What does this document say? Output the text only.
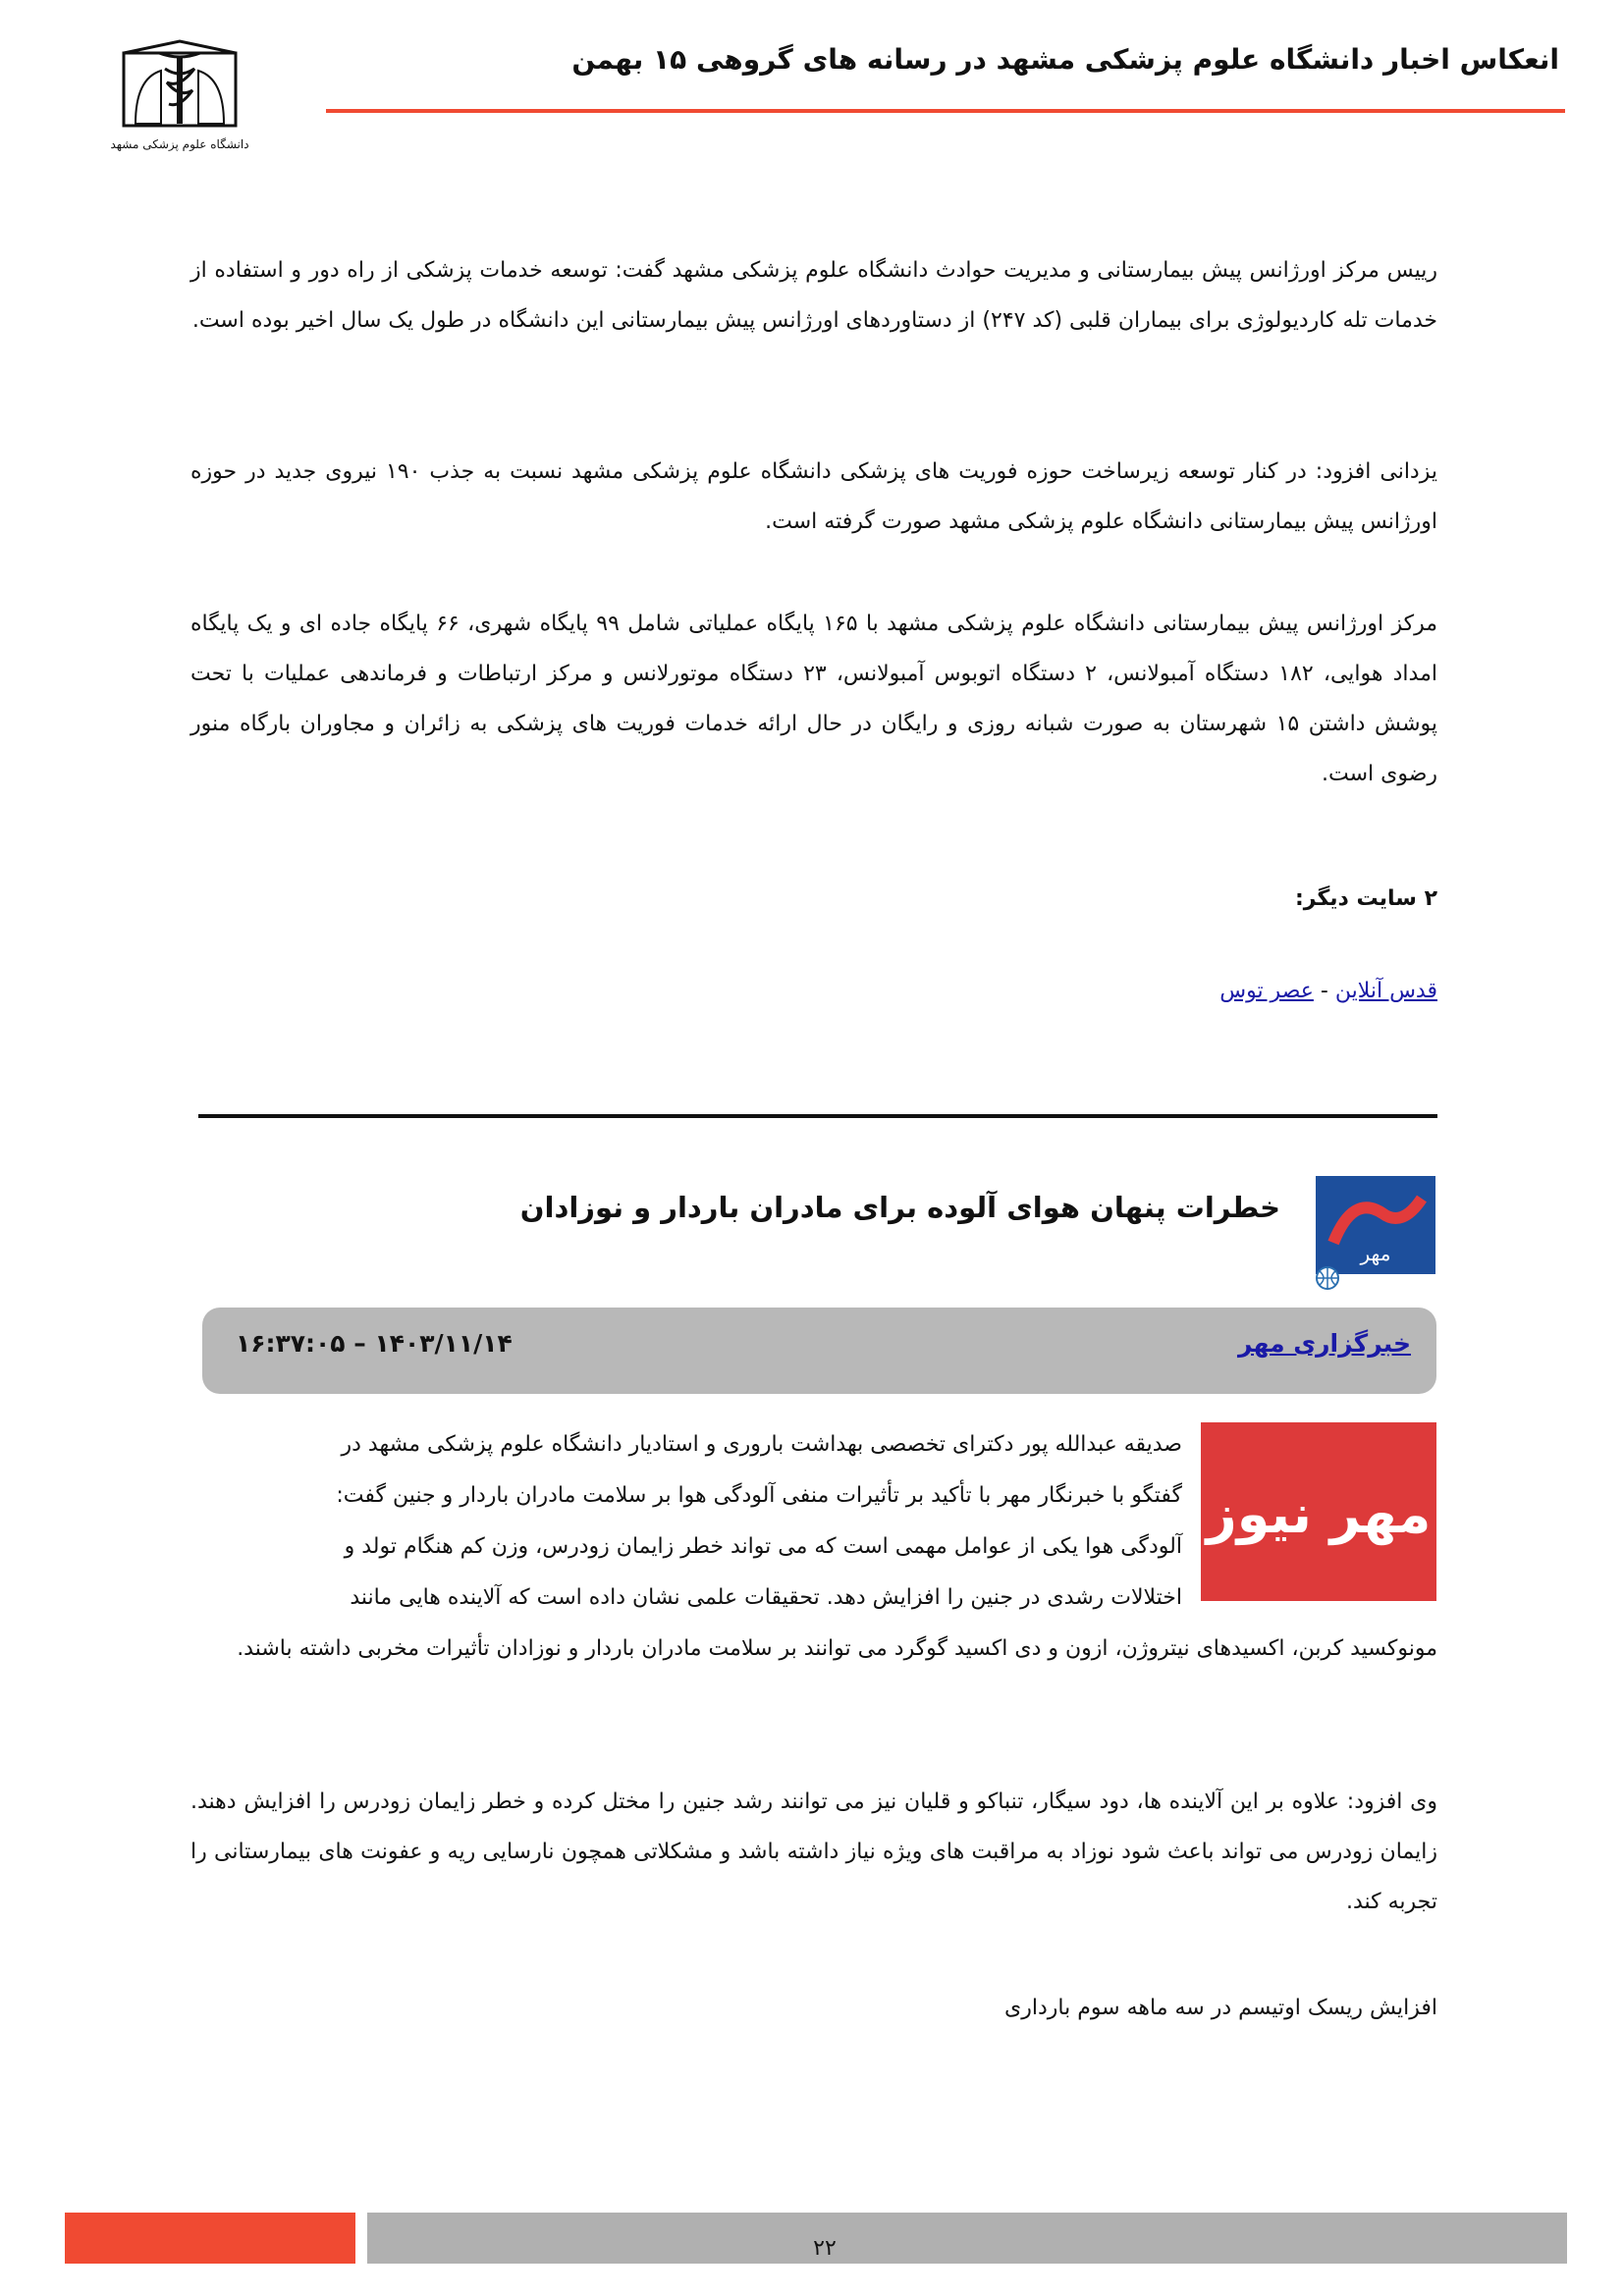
دانشگاه علوم پزشکی مشهد
انعکاس اخبار دانشگاه علوم پزشکی مشهد در رسانه های گروهی ۱۵ بهمن
رییس مرکز اورژانس پیش بیمارستانی و مدیریت حوادث دانشگاه علوم پزشکی مشهد گفت: توسعه خدمات پزشکی از راه دور و استفاده از خدمات تله کاردیولوژی برای بیماران قلبی (کد ۲۴۷) از دستاوردهای اورژانس پیش بیمارستانی این دانشگاه در طول یک سال اخیر بوده است.
یزدانی افزود: در کنار توسعه زیرساخت حوزه فوریت های پزشکی دانشگاه علوم پزشکی مشهد نسبت به جذب ۱۹۰ نیروی جدید در حوزه اورژانس پیش بیمارستانی دانشگاه علوم پزشکی مشهد صورت گرفته است.
مرکز اورژانس پیش بیمارستانی دانشگاه علوم پزشکی مشهد با ۱۶۵ پایگاه عملیاتی شامل ۹۹ پایگاه شهری، ۶۶ پایگاه جاده ای و یک پایگاه امداد هوایی، ۱۸۲ دستگاه آمبولانس، ۲ دستگاه اتوبوس آمبولانس، ۲۳ دستگاه موتورلانس و مرکز ارتباطات و فرماندهی عملیات با تحت پوشش داشتن ۱۵ شهرستان به صورت شبانه روزی و رایگان در حال ارائه خدمات فوریت های پزشکی به زائران و مجاوران بارگاه منور رضوی است.
۲ سایت دیگر:
قدس آنلاین - عصر توس
مهر
خطرات پنهان هوای آلوده برای مادران باردار و نوزادان
خبرگزاری مهر
۱۴۰۳/۱۱/۱۴ – ۱۶:۳۷:۰۵
مهر نیوز
صدیقه عبدالله پور دکترای تخصصی بهداشت باروری و استادیار دانشگاه علوم پزشکی مشهد در
گفتگو با خبرنگار مهر با تأکید بر تأثیرات منفی آلودگی هوا بر سلامت مادران باردار و جنین گفت:
آلودگی هوا یکی از عوامل مهمی است که می تواند خطر زایمان زودرس، وزن کم هنگام تولد و
اختلالات رشدی در جنین را افزایش دهد. تحقیقات علمی نشان داده است که آلاینده هایی مانند
مونوکسید کربن، اکسیدهای نیتروژن، ازون و دی اکسید گوگرد می توانند بر سلامت مادران باردار و نوزادان تأثیرات مخربی داشته باشند.
وی افزود: علاوه بر این آلاینده ها، دود سیگار، تنباکو و قلیان نیز می توانند رشد جنین را مختل کرده و خطر زایمان زودرس را افزایش دهند. زایمان زودرس می تواند باعث شود نوزاد به مراقبت های ویژه نیاز داشته باشد و مشکلاتی همچون نارسایی ریه و عفونت های بیمارستانی را تجربه کند.
افزایش ریسک اوتیسم در سه ماهه سوم بارداری
۲۲
